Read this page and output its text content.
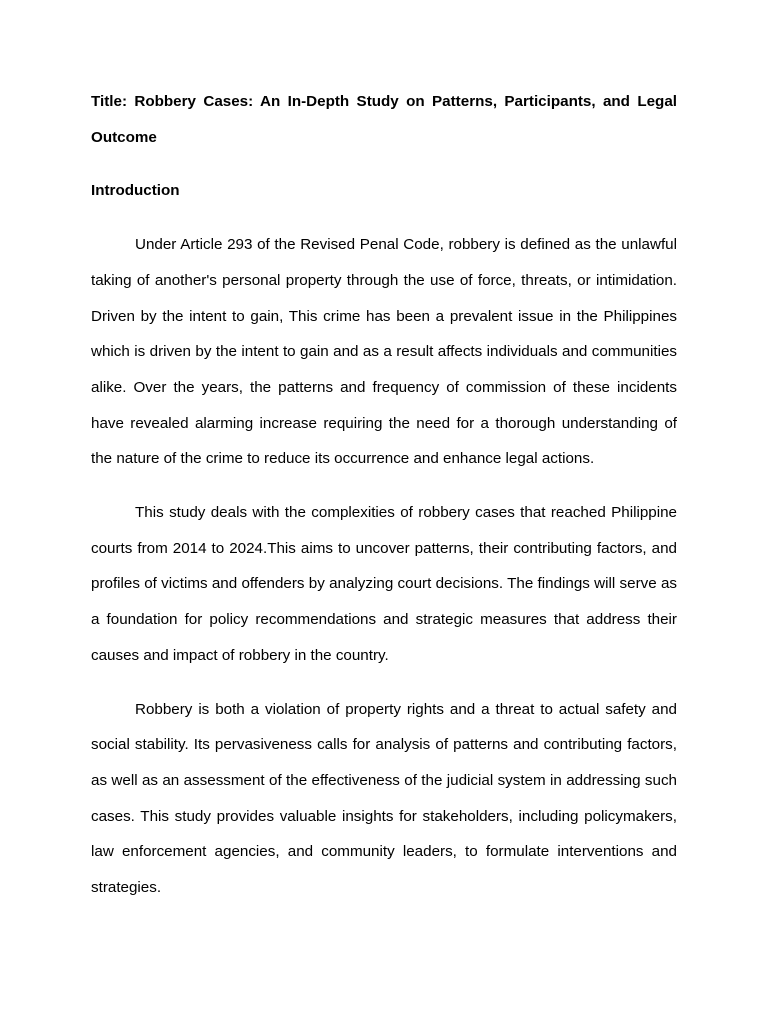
Title: Robbery Cases: An In-Depth Study on Patterns, Participants, and Legal Outcome

Introduction

Under Article 293 of the Revised Penal Code, robbery is defined as the unlawful taking of another's personal property through the use of force, threats, or intimidation. Driven by the intent to gain, This crime has been a prevalent issue in the Philippines which is driven by the intent to gain and as a result affects individuals and communities alike. Over the years, the patterns and frequency of commission of these incidents have revealed alarming increase requiring the need for a thorough understanding of the nature of the crime to reduce its occurrence and enhance legal actions.

This study deals with the complexities of robbery cases that reached Philippine courts from 2014 to 2024.This aims to uncover patterns, their contributing factors, and profiles of victims and offenders by analyzing court decisions. The findings will serve as a foundation for policy recommendations and strategic measures that address their causes and impact of robbery in the country.

Robbery is both a violation of property rights and a threat to actual safety and social stability. Its pervasiveness calls for analysis of patterns and contributing factors, as well as an assessment of the effectiveness of the judicial system in addressing such cases. This study provides valuable insights for stakeholders, including policymakers, law enforcement agencies, and community leaders, to formulate interventions and strategies.
